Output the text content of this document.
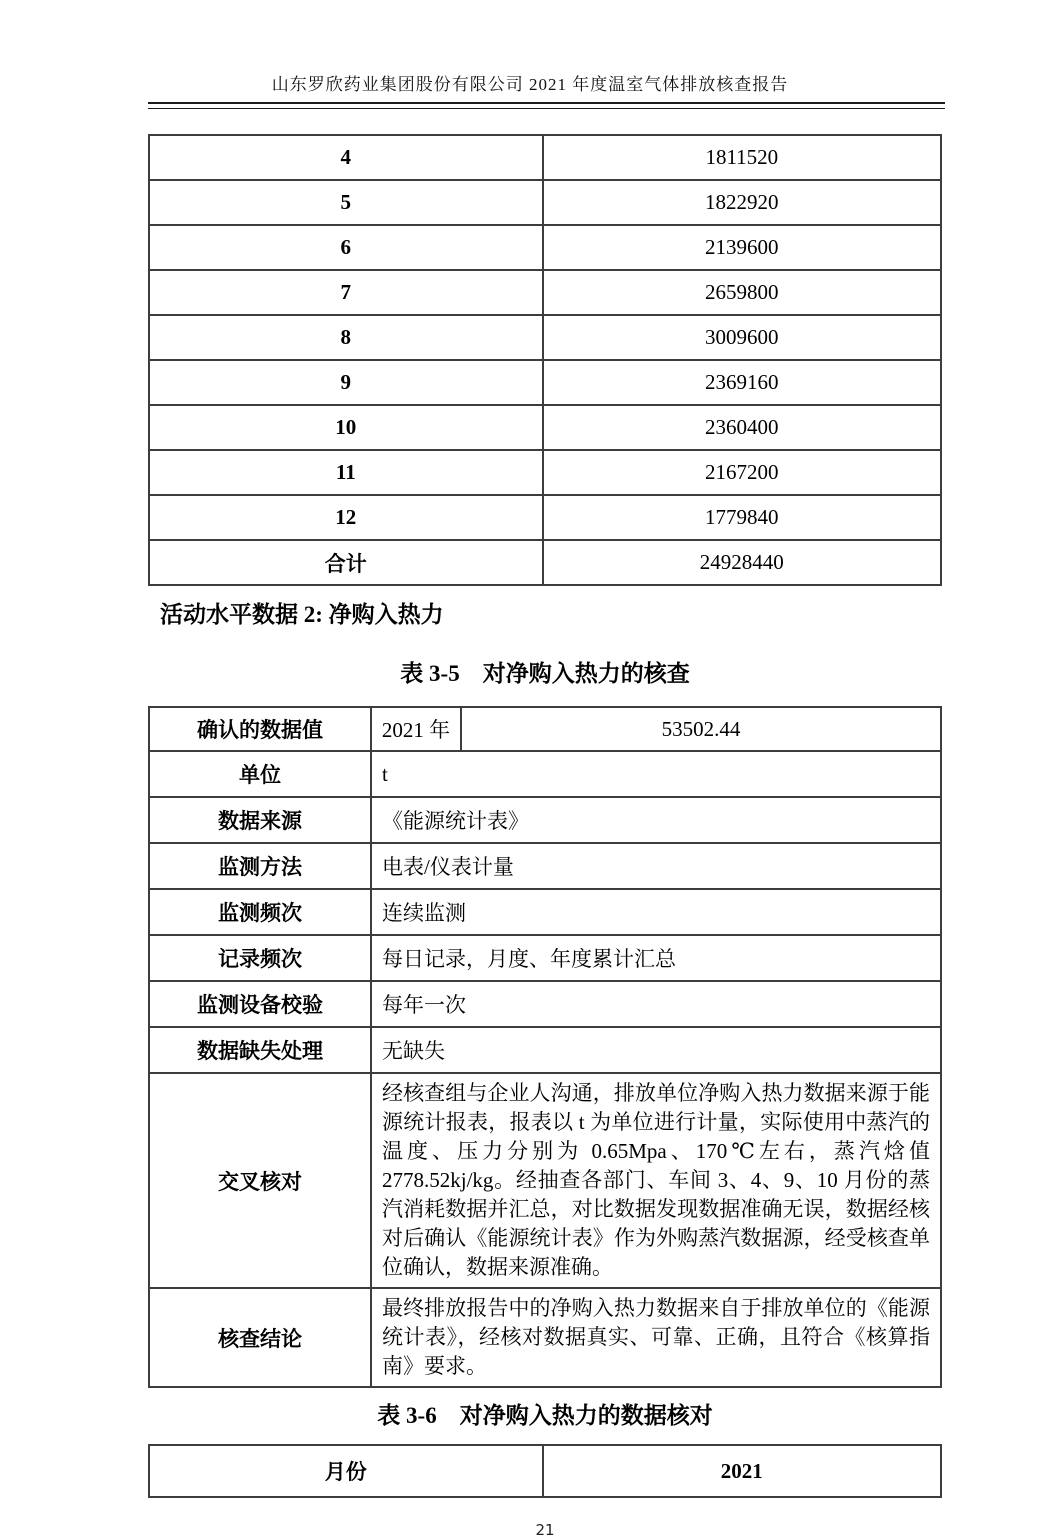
山东罗欣药业集团股份有限公司 2021 年度温室气体排放核查报告
4	1811520
5	1822920
6	2139600
7	2659800
8	3009600
9	2369160
10	2360400
11	2167200
12	1779840
合计	24928440
活动水平数据 2: 净购入热力
表 3-5　对净购入热力的核查
确认的数据值	2021 年	53502.44
单位	t	
数据来源	《能源统计表》	
监测方法	电表/仪表计量	
监测频次	连续监测	
记录频次	每日记录，月度、年度累计汇总	
监测设备校验	每年一次	
数据缺失处理	无缺失	
交叉核对	经核查组与企业人沟通，排放单位净购入热力数据来源于能源统计报表，报表以 t 为单位进行计量，实际使用中蒸汽的温度、压力分别为 0.65Mpa、170℃左右，蒸汽焓值2778.52kj/kg。经抽查各部门、车间 3、4、9、10 月份的蒸汽消耗数据并汇总，对比数据发现数据准确无误，数据经核对后确认《能源统计表》作为外购蒸汽数据源，经受核查单位确认，数据来源准确。	
核查结论	最终排放报告中的净购入热力数据来自于排放单位的《能源统计表》，经核对数据真实、可靠、正确，且符合《核算指南》要求。	
表 3-6　对净购入热力的数据核对
月份	2021
21
